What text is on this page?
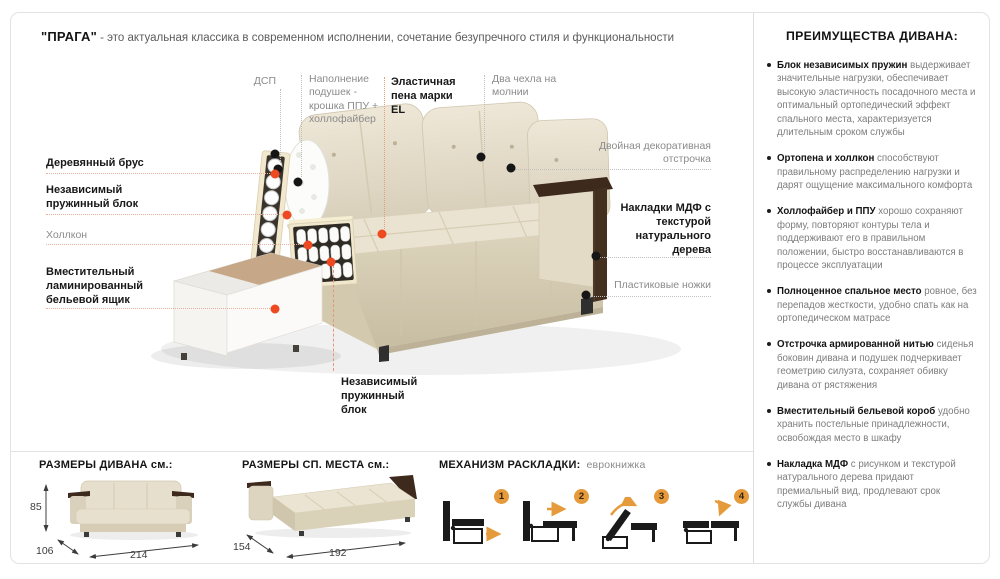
"ПРАГА" - это актуальная классика в современном исполнении, сочетание безупречного стиля и функциональности
ДСП	Наполнение подушек - крошка ППУ + холлофайбер
Эластичная пена марки EL
Два чехла на молнии
Деревянный брус
Независимый пружинный блок
Холлкон
Вместительный ламинированный бельевой ящик
Двойная декоративная отстрочка
Накладки МДФ с текстурой натурального дерева
Пластиковые ножки
Независимый пружинный блок
ПРЕИМУЩЕСТВА ДИВАНА:

Блок независимых пружин выдерживает значительные нагрузки, обеспечивает высокую эластичность посадочного места и оптимальный ортопедический эффект спального места, характеризуется длительным сроком службы

Ортопена и холлкон способствуют правильному распределению нагрузки и дарят ощущение максимального комфорта

Холлофайбер и ППУ хорошо сохраняют форму, повторяют контуры тела и поддерживают его в правильном положении, быстро восстанавливаются в процессе эксплуатации

Полноценное спальное место ровное, без перепадов жесткости, удобно спать как на ортопедическом матрасе

Отстрочка армированной нитью сиденья боковин дивана и подушек подчеркивает геометрию силуэта, сохраняет обивку дивана от рястяжения

Вместительный бельевой короб удобно хранить постельные принадлежности, освобождая место в шкафу

Накладка МДФ с рисунком и текстурой натурального дерева придают премиальный вид, продлевают срок службы дивана

РАЗМЕРЫ ДИВАНА см.:
85
106	214
РАЗМЕРЫ СП. МЕСТА см.:
154	192
МЕХАНИЗМ РАСКЛАДКИ: еврокнижка
1	2	3	4
